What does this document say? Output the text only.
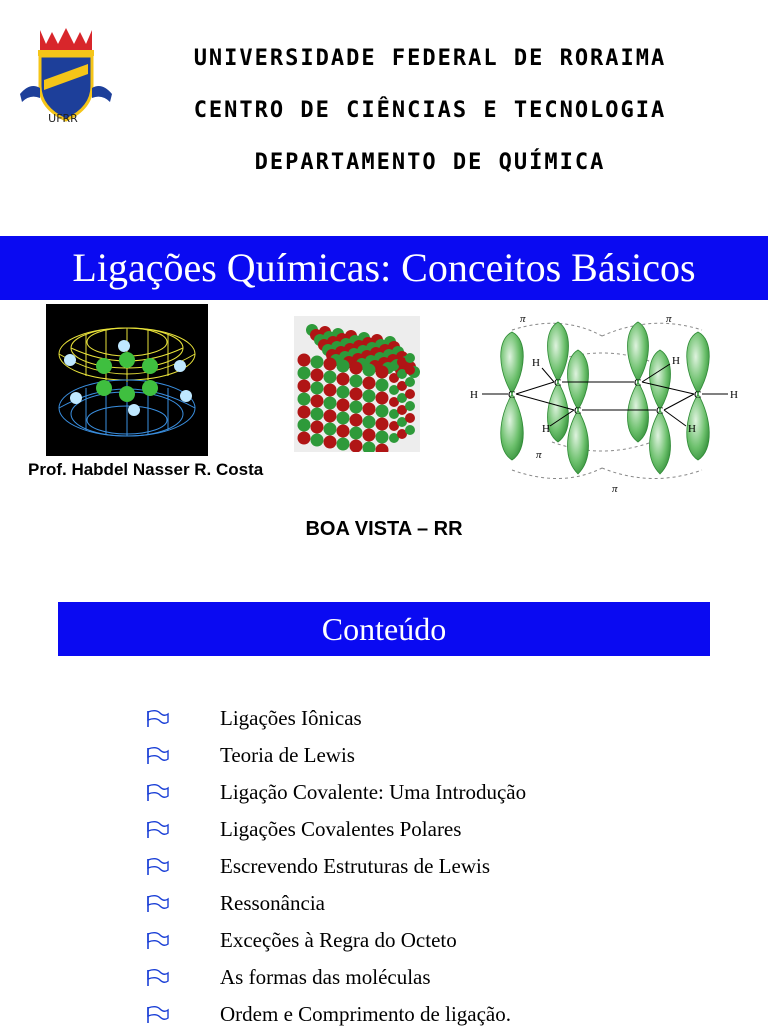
UFRR
UNIVERSIDADE FEDERAL DE RORAIMA
CENTRO DE CIÊNCIAS E TECNOLOGIA
DEPARTAMENTO DE QUÍMICA
Ligações Químicas: Conceitos Básicos
H	C
C
C
C
C
C	H
H
H
H
H
π	π
π
π
Prof. Habdel Nasser R. Costa
BOA VISTA – RR
Conteúdo
Ligações Iônicas
Teoria de Lewis
Ligação Covalente: Uma Introdução
Ligações Covalentes Polares
Escrevendo Estruturas de Lewis
Ressonância
Exceções à Regra do Octeto
As formas das moléculas
Ordem e Comprimento de ligação.
